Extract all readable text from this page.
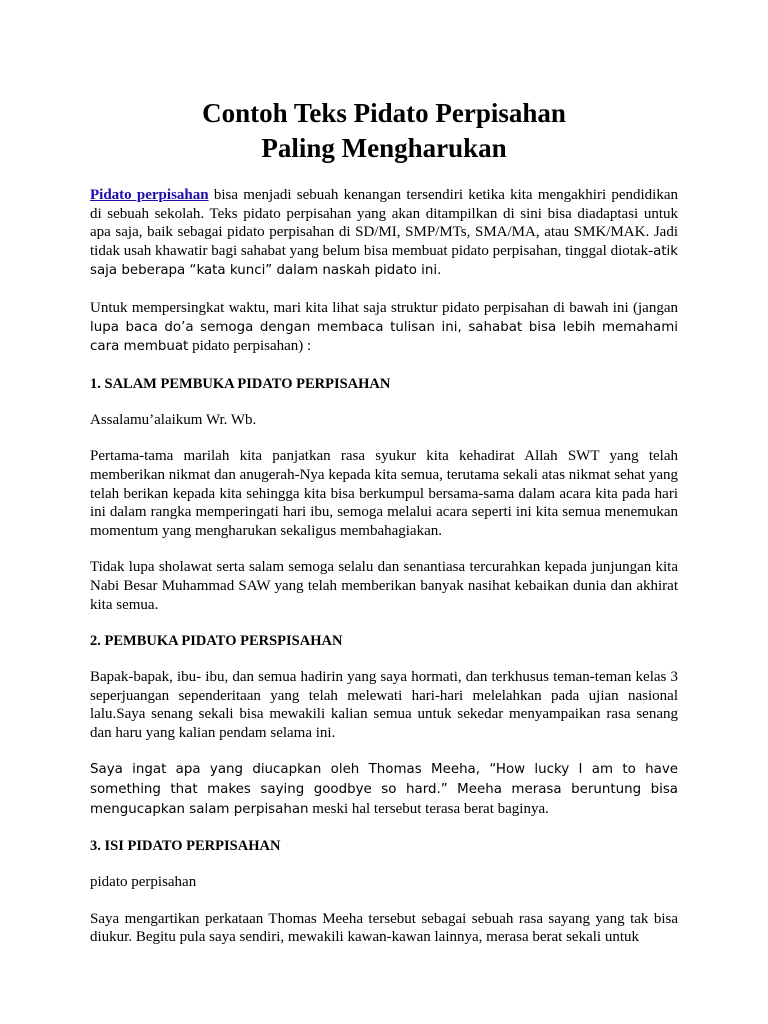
Contoh Teks Pidato Perpisahan
Paling Mengharukan

Pidato perpisahan bisa menjadi sebuah kenangan tersendiri ketika kita mengakhiri pendidikan di sebuah sekolah. Teks pidato perpisahan yang akan ditampilkan di sini bisa diadaptasi untuk apa saja, baik sebagai pidato perpisahan di SD/MI, SMP/MTs, SMA/MA, atau SMK/MAK. Jadi tidak usah khawatir bagi sahabat yang belum bisa membuat pidato perpisahan, tinggal diotak-atik saja beberapa “kata kunci” dalam naskah pidato ini.

Untuk mempersingkat waktu, mari kita lihat saja struktur pidato perpisahan di bawah ini (jangan lupa baca do’a semoga dengan membaca tulisan ini, sahabat bisa lebih memahami cara membuat pidato perpisahan) :

1. SALAM PEMBUKA PIDATO PERPISAHAN

Assalamu’alaikum Wr. Wb.

Pertama-tama marilah kita panjatkan rasa syukur kita kehadirat Allah SWT yang telah memberikan nikmat dan anugerah-Nya kepada kita semua, terutama sekali atas nikmat sehat yang telah berikan kepada kita sehingga kita bisa berkumpul bersama-sama dalam acara kita pada hari ini dalam rangka memperingati hari ibu, semoga melalui acara seperti ini kita semua menemukan momentum yang mengharukan sekaligus membahagiakan.

Tidak lupa sholawat serta salam semoga selalu dan senantiasa tercurahkan kepada junjungan kita Nabi Besar Muhammad SAW yang telah memberikan banyak nasihat kebaikan dunia dan akhirat kita semua.

2. PEMBUKA PIDATO PERSPISAHAN

Bapak-bapak, ibu- ibu, dan semua hadirin yang saya hormati, dan terkhusus teman-teman kelas 3 seperjuangan sependeritaan yang telah melewati hari-hari melelahkan pada ujian nasional lalu.Saya senang sekali bisa mewakili kalian semua untuk sekedar menyampaikan rasa senang dan haru yang kalian pendam selama ini.

Saya ingat apa yang diucapkan oleh Thomas Meeha, “How lucky I am to have something that makes saying goodbye so hard.” Meeha merasa beruntung bisa mengucapkan salam perpisahan meski hal tersebut terasa berat baginya.

3. ISI PIDATO PERPISAHAN

pidato perpisahan

Saya mengartikan perkataan Thomas Meeha tersebut sebagai sebuah rasa sayang yang tak bisa diukur. Begitu pula saya sendiri, mewakili kawan-kawan lainnya, merasa berat sekali untuk
